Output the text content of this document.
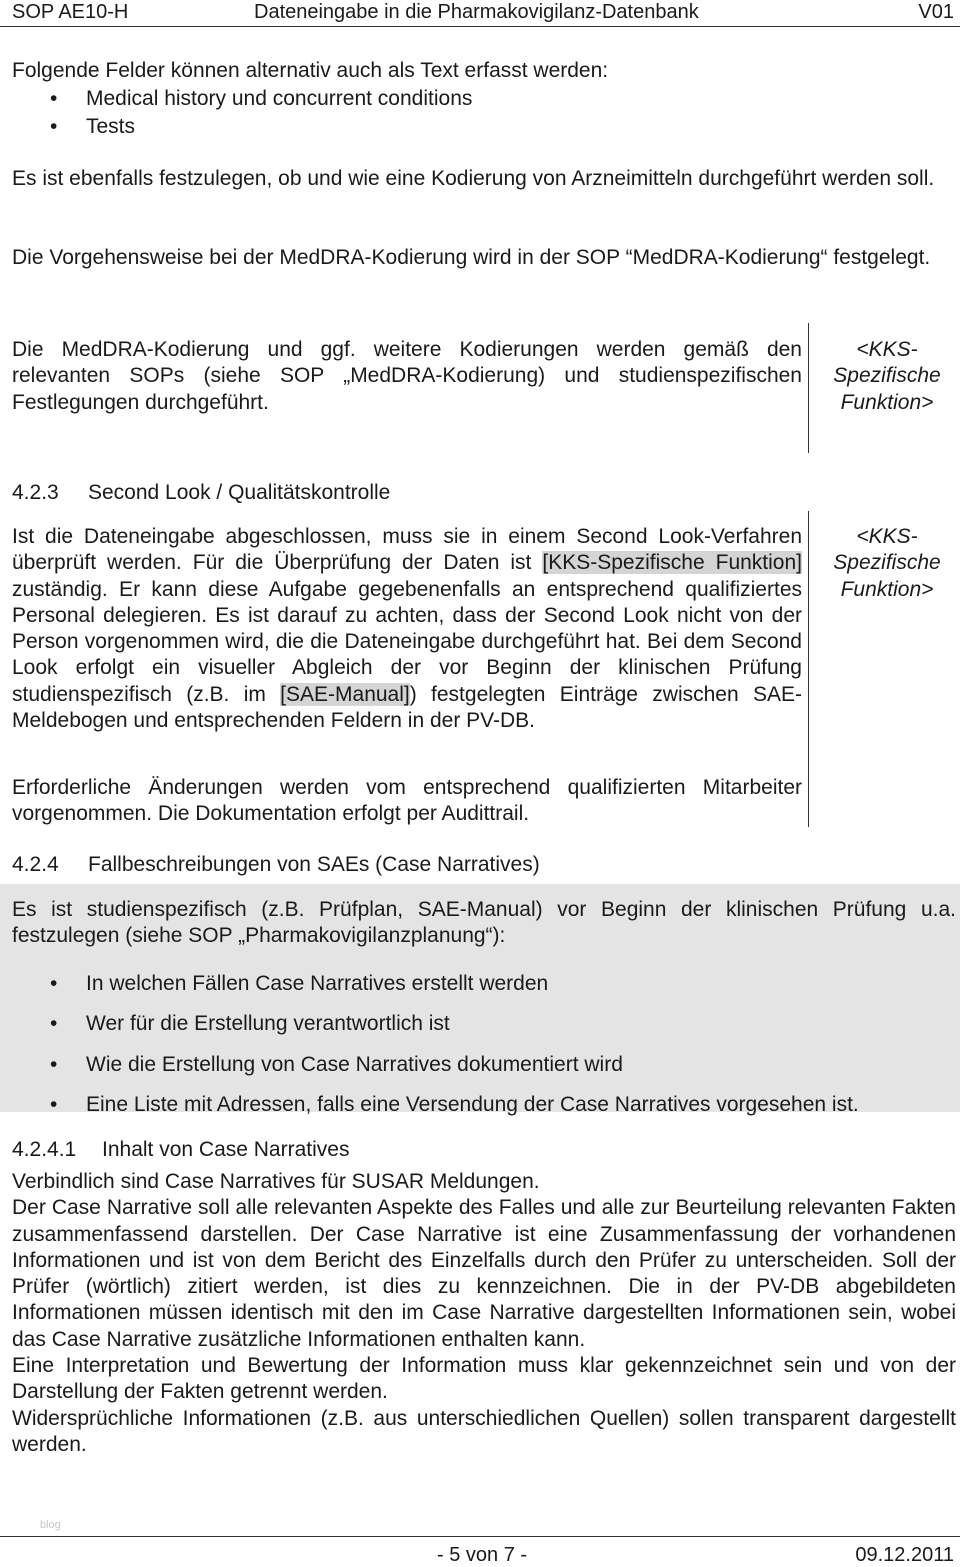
SOP AE10-H	Dateneingabe in die Pharmakovigilanz-Datenbank	V01
Folgende Felder können alternativ auch als Text erfasst werden:
• Medical history und concurrent conditions
• Tests
Es ist ebenfalls festzulegen, ob und wie eine Kodierung von Arzneimitteln durchgeführt werden soll.
Die Vorgehensweise bei der MedDRA-Kodierung wird in der SOP “MedDRA-Kodierung“ festgelegt.
Die MedDRA-Kodierung und ggf. weitere Kodierungen werden gemäß den relevanten SOPs (siehe SOP „MedDRA-Kodierung) und studienspezifischen Festlegungen durchgeführt.
<KKS-Spezifische Funktion>
4.2.3 Second Look / Qualitätskontrolle
Ist die Dateneingabe abgeschlossen, muss sie in einem Second Look-Verfahren überprüft werden. Für die Überprüfung der Daten ist [KKS-Spezifische Funktion] zuständig. Er kann diese Aufgabe gegebenenfalls an entsprechend qualifiziertes Personal delegieren. Es ist darauf zu achten, dass der Second Look nicht von der Person vorgenommen wird, die die Dateneingabe durchgeführt hat. Bei dem Second Look erfolgt ein visueller Abgleich der vor Beginn der klinischen Prüfung studienspezifisch (z.B. im [SAE-Manual]) festgelegten Einträge zwischen SAE-Meldebogen und entsprechenden Feldern in der PV-DB.
Erforderliche Änderungen werden vom entsprechend qualifizierten Mitarbeiter vorgenommen. Die Dokumentation erfolgt per Audittrail.
<KKS-Spezifische Funktion>
4.2.4 Fallbeschreibungen von SAEs (Case Narratives)
Es ist studienspezifisch (z.B. Prüfplan, SAE-Manual) vor Beginn der klinischen Prüfung u.a. festzulegen (siehe SOP „Pharmakovigilanzplanung“):
• In welchen Fällen Case Narratives erstellt werden
• Wer für die Erstellung verantwortlich ist
• Wie die Erstellung von Case Narratives dokumentiert wird
• Eine Liste mit Adressen, falls eine Versendung der Case Narratives vorgesehen ist.
4.2.4.1 Inhalt von Case Narratives
Verbindlich sind Case Narratives für SUSAR Meldungen.
Der Case Narrative soll alle relevanten Aspekte des Falles und alle zur Beurteilung relevanten Fakten zusammenfassend darstellen. Der Case Narrative ist eine Zusammenfassung der vorhandenen Informationen und ist von dem Bericht des Einzelfalls durch den Prüfer zu unterscheiden. Soll der Prüfer (wörtlich) zitiert werden, ist dies zu kennzeichnen. Die in der PV-DB abgebildeten Informationen müssen identisch mit den im Case Narrative dargestellten Informationen sein, wobei das Case Narrative zusätzliche Informationen enthalten kann.
Eine Interpretation und Bewertung der Information muss klar gekennzeichnet sein und von der Darstellung der Fakten getrennt werden.
Widersprüchliche Informationen (z.B. aus unterschiedlichen Quellen) sollen transparent dargestellt werden.
blog
- 5 von 7 -	09.12.2011
